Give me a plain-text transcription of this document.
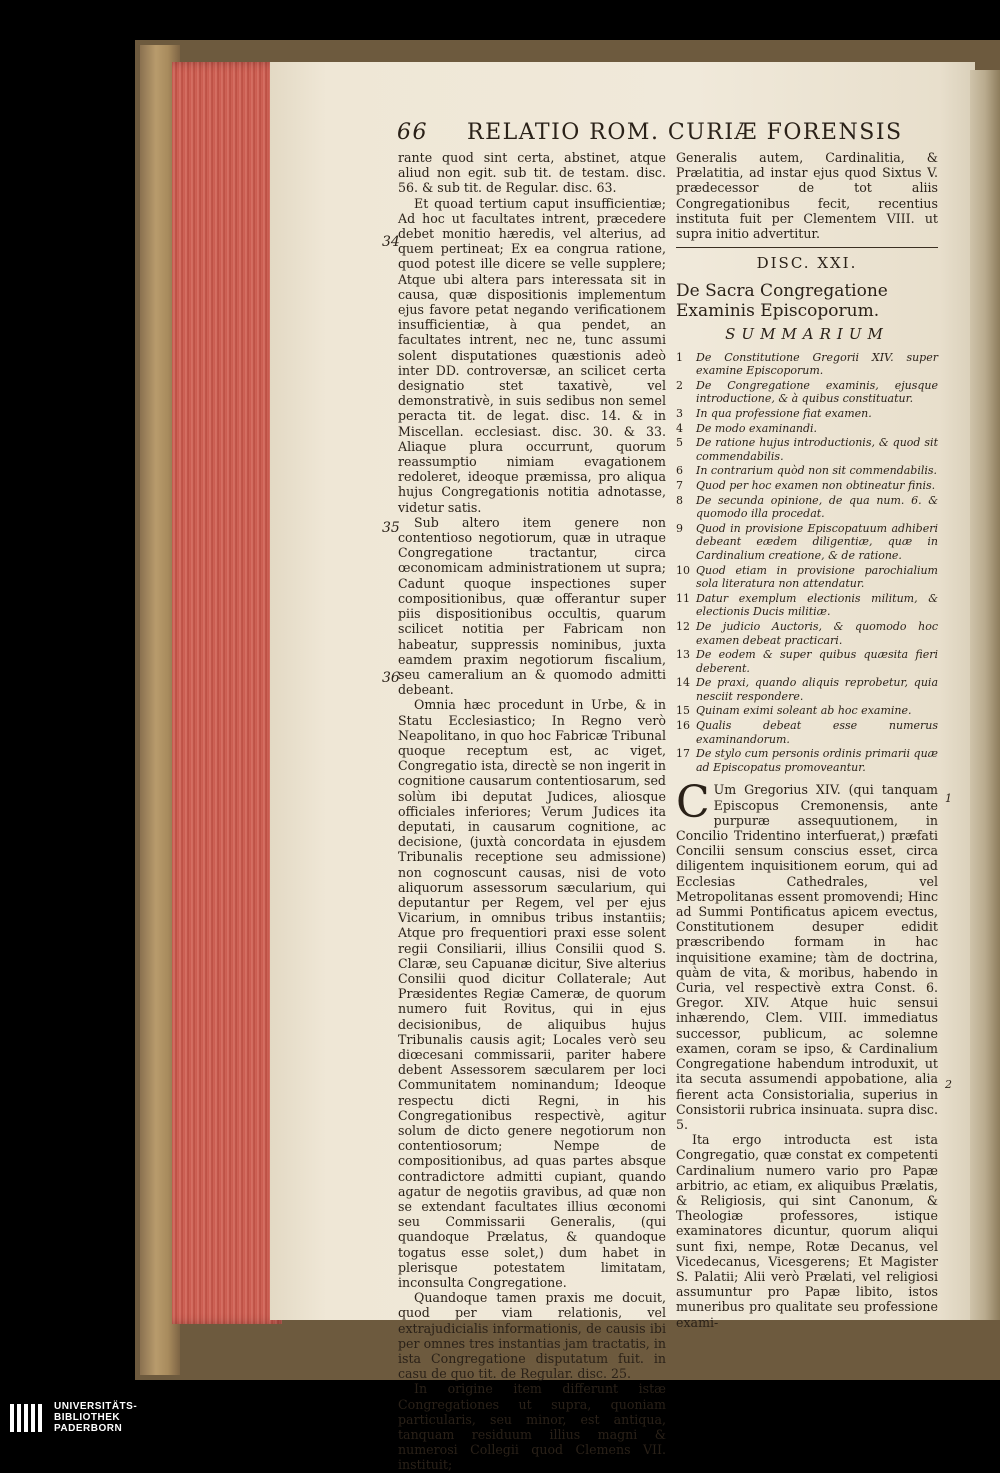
66 RELATIO ROM. CURIÆ FORENSIS

rante quod sint certa, abstinet, atque aliud non egit. sub tit. de testam. disc. 56. & sub tit. de Regular. disc. 63.

Et quoad tertium caput insufficientiæ; Ad hoc ut facultates intrent, præcedere debet monitio hæredis, vel alterius, ad quem pertineat; Ex ea congrua ratione, quod potest ille dicere se velle supplere; Atque ubi altera pars interessata sit in causa, quæ dispositionis implementum ejus favore petat negando verificationem insufficientiæ, à qua pendet, an facultates intrent, nec ne, tunc assumi solent disputationes quæstionis adeò inter DD. controversæ, an scilicet certa designatio stet taxativè, vel demonstrativè, in suis sedibus non semel peracta tit. de legat. disc. 14. & in Miscellan. ecclesiast. disc. 30. & 33. Aliaque plura occurrunt, quorum reassumptio nimiam evagationem redoleret, ideoque præmissa, pro aliqua hujus Congregationis notitia adnotasse, videtur satis.

Sub altero item genere non contentioso negotiorum, quæ in utraque Congregatione tractantur, circa œconomicam administrationem ut supra; Cadunt quoque inspectiones super compositionibus, quæ offerantur super piis dispositionibus occultis, quarum scilicet notitia per Fabricam non habeatur, suppressis nominibus, juxta eamdem praxim negotiorum fiscalium, seu cameralium an & quomodo admitti debeant.

Omnia hæc procedunt in Urbe, & in Statu Ecclesiastico; In Regno verò Neapolitano, in quo hoc Fabricæ Tribunal quoque receptum est, ac viget, Congregatio ista, directè se non ingerit in cognitione causarum contentiosarum, sed solùm ibi deputat Judices, aliosque officiales inferiores; Verum Judices ita deputati, in causarum cognitione, ac decisione, (juxtà concordata in ejusdem Tribunalis receptione seu admissione) non cognoscunt causas, nisi de voto aliquorum assessorum sæcularium, qui deputantur per Regem, vel per ejus Vicarium, in omnibus tribus instantiis; Atque pro frequentiori praxi esse solent regii Consiliarii, illius Consilii quod S. Claræ, seu Capuanæ dicitur, Sive alterius Consilii quod dicitur Collaterale; Aut Præsidentes Regiæ Cameræ, de quorum numero fuit Rovitus, qui in ejus decisionibus, de aliquibus hujus Tribunalis causis agit; Locales verò seu diœcesani commissarii, pariter habere debent Assessorem sæcularem per loci Communitatem nominandum; Ideoque respectu dicti Regni, in his Congregationibus respectivè, agitur solum de dicto genere negotiorum non contentiosorum; Nempe de compositionibus, ad quas partes absque contradictore admitti cupiant, quando agatur de negotiis gravibus, ad quæ non se extendant facultates illius œconomi seu Commissarii Generalis, (qui quandoque Prælatus, & quandoque togatus esse solet,) dum habet in plerisque potestatem limitatam, inconsulta Congregatione.

Quandoque tamen praxis me docuit, quod per viam relationis, vel extrajudicialis informationis, de causis ibi per omnes tres instantias jam tractatis, in ista Congregatione disputatum fuit. in casu de quo tit. de Regular. disc. 25.

In origine item differunt istæ Congregationes ut supra, quoniam particularis, seu minor, est antiqua, tanquam residuum illius magni & numerosi Collegii quod Clemens VII. instituit;

34
35
36

Generalis autem, Cardinalitia, & Prælatitia, ad instar ejus quod Sixtus V. prædecessor de tot aliis Congregationibus fecit, recentius instituta fuit per Clementem VIII. ut supra initio advertitur.

DISC. XXI.
De Sacra Congregatione Examinis Episcoporum.
SUMMARIUM
1	De Constitutione Gregorii XIV. super examine Episcoporum.
2	De Congregatione examinis, ejusque introductione, & à quibus constituatur.
3	In qua professione fiat examen.
4	De modo examinandi.
5	De ratione hujus introductionis, & quod sit commendabilis.
6	In contrarium quòd non sit commendabilis.
7	Quod per hoc examen non obtineatur finis.
8	De secunda opinione, de qua num. 6. & quomodo illa procedat.
9	Quod in provisione Episcopatuum adhiberi debeant eædem diligentiæ, quæ in Cardinalium creatione, & de ratione.
10 Quod etiam in provisione parochialium sola literatura non attendatur.
11 Datur exemplum electionis militum, & electionis Ducis militiæ.
12 De judicio Auctoris, & quomodo hoc examen debeat practicari.
13 De eodem & super quibus quæsita fieri deberent.
14 De praxi, quando aliquis reprobetur, quia nesciit respondere.
15 Quinam eximi soleant ab hoc examine.
16 Qualis debeat esse numerus examinandorum.
17 De stylo cum personis ordinis primarii quæ ad Episcopatus promoveantur.

C Um Gregorius XIV. (qui tanquam Episcopus Cremonensis, ante purpuræ assequutionem, in Concilio Tridentino interfuerat,) præfati Concilii sensum conscius esset, circa diligentem inquisitionem eorum, qui ad Ecclesias Cathedrales, vel Metropolitanas essent promovendi; Hinc ad Summi Pontificatus apicem evectus, Constitutionem desuper edidit præscribendo formam in hac inquisitione examine; tàm de doctrina, quàm de vita, & moribus, habendo in Curia, vel respectivè extra Const. 6. Gregor. XIV. Atque huic sensui inhærendo, Clem. VIII. immediatus successor, publicum, ac solemne examen, coram se ipso, & Cardinalium Congregatione habendum introduxit, ut ita secuta assumendi appobatione, alia fierent acta Consistorialia, superius in Consistorii rubrica insinuata. supra disc. 5.

Ita ergo introducta est ista Congregatio, quæ constat ex competenti Cardinalium numero vario pro Papæ arbitrio, ac etiam, ex aliquibus Prælatis, & Religiosis, qui sint Canonum, & Theologiæ professores, istique examinatores dicuntur, quorum aliqui sunt fixi, nempe, Rotæ Decanus, vel Vicedecanus, Vicesgerens; Et Magister S. Palatii; Alii verò Prælati, vel religiosi assumuntur pro Papæ libito, istos muneribus pro qualitate seu professione exami-

1
2
UNIVERSITÄTS-
BIBLIOTHEK
PADERBORN
